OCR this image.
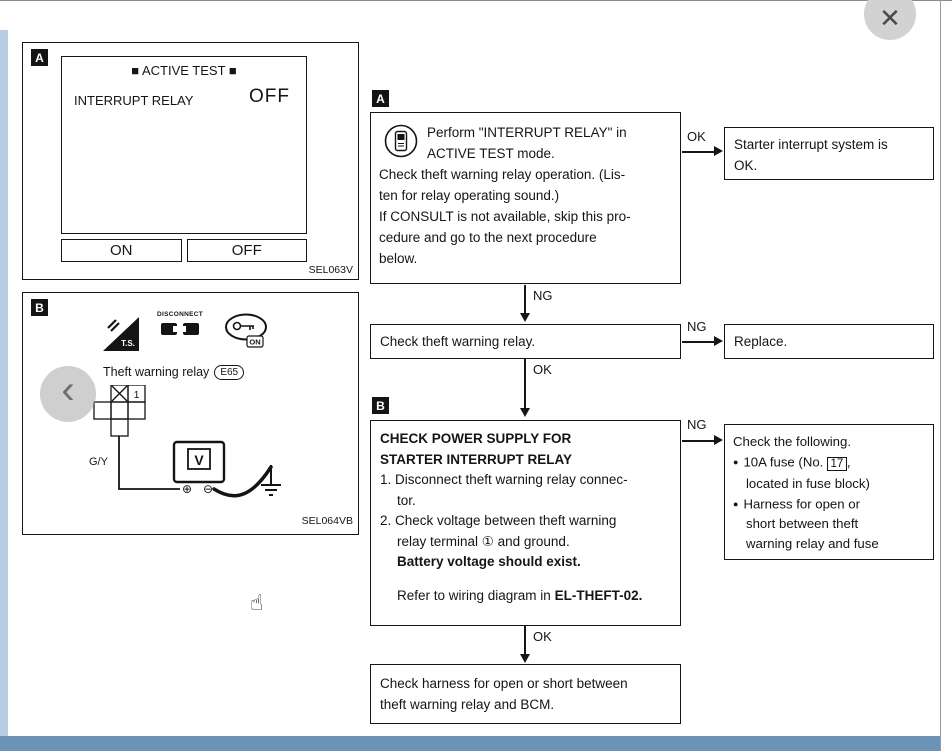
A
■ ACTIVE TEST ■
INTERRUPT RELAY	OFF
ON	OFF
SEL063V
B
T.S.
DISCONNECT
ON
Theft warning relay E65
1
G/Y	V
⊕ ⊖
SEL064VB
A
Perform "INTERRUPT RELAY" in
ACTIVE TEST mode.
Check theft warning relay operation. (Lis-
ten for relay operating sound.)
If CONSULT is not available, skip this pro-
cedure and go to the next procedure
below.
OK
Starter interrupt system is
OK.
NG
Check theft warning relay.
NG
Replace.
OK
B
CHECK POWER SUPPLY FOR
STARTER INTERRUPT RELAY
1. Disconnect theft warning relay connec-
tor.
2. Check voltage between theft warning
relay terminal ① and ground.
Battery voltage should exist.
Refer to wiring diagram in EL-THEFT-02.
NG
Check the following.
● 10A fuse (No. 17 ,
located in fuse block)
● Harness for open or
short between theft
warning relay and fuse
OK
Check harness for open or short between
theft warning relay and BCM.
✕
‹
☝
